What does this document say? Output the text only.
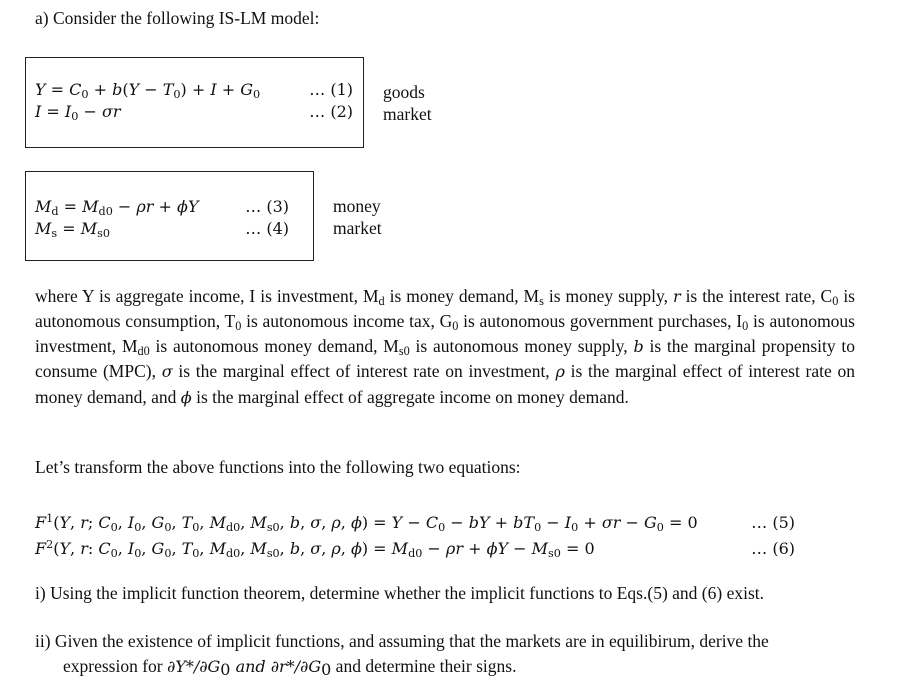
a) Consider the following IS-LM model:
$Y = C_0 + b(Y - T_0) + I + G_0$	… (1)
$I = I_0 - \sigma r$	… (2)
goods
market
$M_d = M_{d0} - \rho r + \phi Y$	… (3)
$M_s = M_{s0}$	… (4)
money
market
where Y is aggregate income, I is investment, $M_d$ is money demand, $M_s$ is money supply, r is the interest rate, $C_0$ is autonomous consumption, $T_0$ is autonomous income tax, $G_0$ is autonomous government purchases, $I_0$ is autonomous investment, $M_{d0}$ is autonomous money demand, $M_{s0}$ is autonomous money supply, b is the marginal propensity to consume (MPC), σ is the marginal effect of interest rate on investment, ρ is the marginal effect of interest rate on money demand, and ϕ is the marginal effect of aggregate income on money demand.
Let’s transform the above functions into the following two equations:
$F^1(Y$, r; $C_0$, $I_0$, $G_0$, $T_0$, $M_{d0}$, $M_{s0}$, b, σ, ρ, $\phi) = Y - C_0$ − bY + $bT_0 - I_0 + \sigma r - G_0 = 0$	… (5)
$F^2(Y$, r: $C_0$, $I_0$, $G_0$, $T_0$, $M_{d0}$, $M_{s0}$, b, σ, ρ, $\phi) = M_{d0} - \rho r + \phi Y - M_{s0} = 0$	… (6)
i) Using the implicit function theorem, determine whether the implicit functions to Eqs.(5) and (6) exist.
ii) Given the existence of implicit functions, and assuming that the markets are in equilibirum, derive the
expression for $\partial Y*/\partial G_0$ and $\partial r*/\partial G_0$ and determine their signs.
